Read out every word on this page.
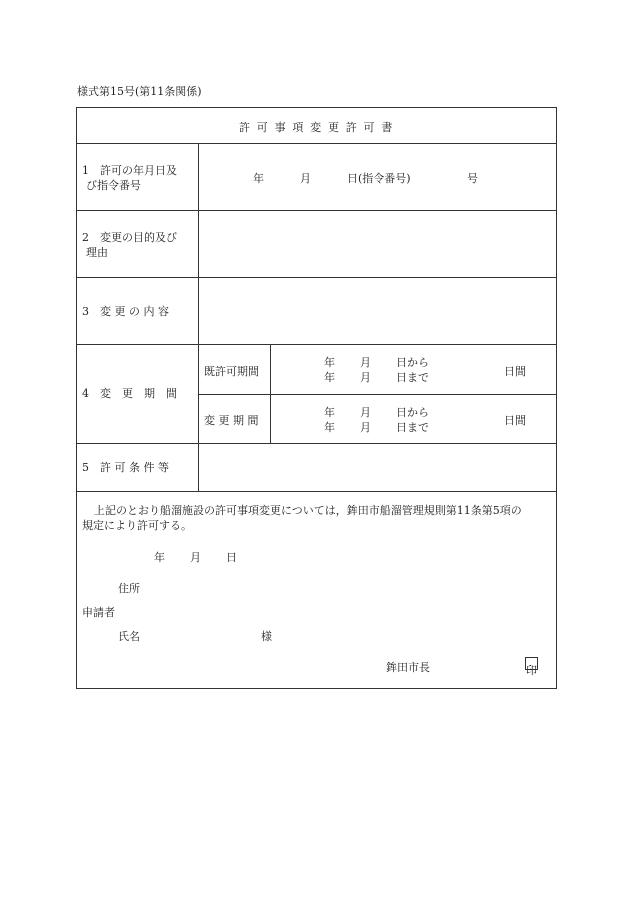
様式第15号(第11条関係)
許 可 事 項 変 更 許 可 書
1　許可の年月日及
び指令番号
年	月	日(指令番号)	号
2　変更の目的及び
理由
3　変 更 の 内 容
4　変　更　期　間
既許可期間
年 月 日から
年 月 日まで	日間
変 更 期 間
年 月 日から
年 月 日まで
日間
5　許 可 条 件 等
上記のとおり船溜施設の許可事項変更については，鉾田市船溜管理規則第11条第5項の
規定により許可する。
年 月 日
住所
申請者
氏名	様
鉾田市長	印
